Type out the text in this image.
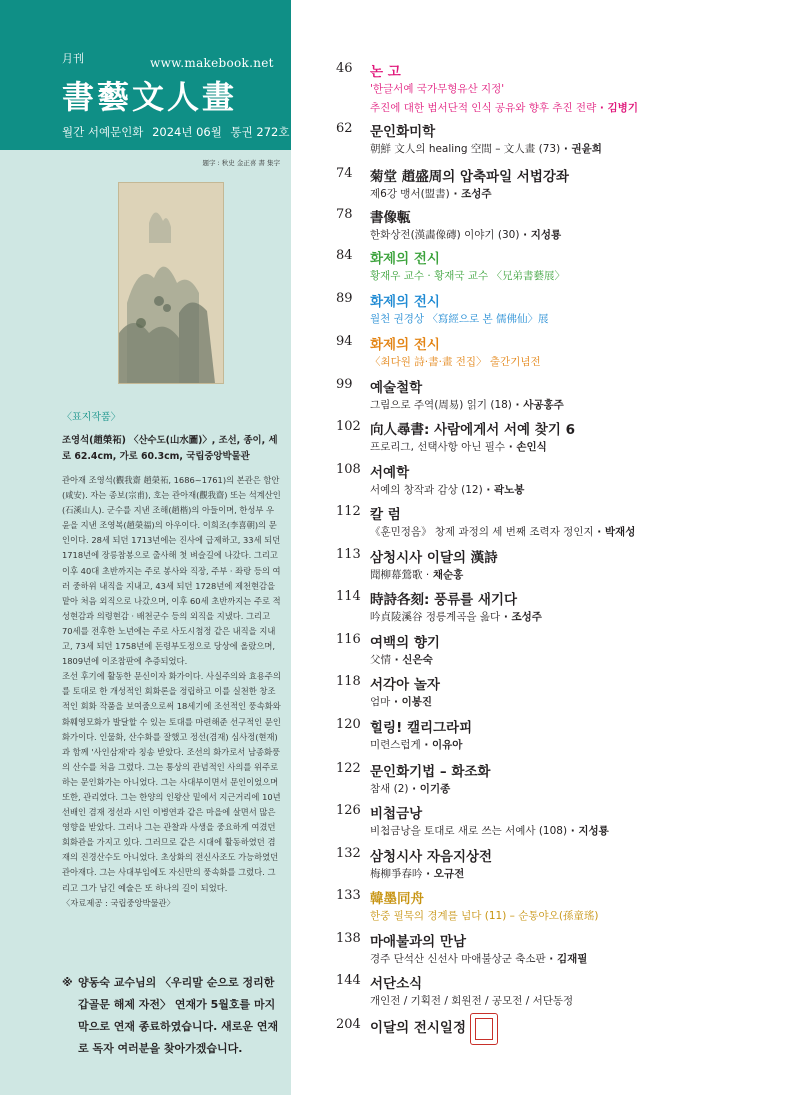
月刊	www.makebook.net
書藝文人畫
월간 서예문인화 2024년 06월 통권 272호
題字 : 秋史 金正喜 書 集字

〈표지작품〉

조영석(趙榮祏) 〈산수도(山水圖)〉, 조선, 종이, 세로 62.4cm, 가로 60.3cm, 국립중앙박물관

관아재 조영석(觀我齋 趙榮祏, 1686~1761)의 본관은 함안(咸安). 자는 종보(宗甫), 호는 관아재(觀我齋) 또는 석계산인(石溪山人). 군수를 지낸 조해(趙楷)의 아들이며, 한성부 우윤을 지낸 조영복(趙榮福)의 아우이다. 이희조(李喜朝)의 문인이다. 28세 되던 1713년에는 진사에 급제하고, 33세 되던 1718년에 장릉참봉으로 출사해 첫 벼슬길에 나갔다. 그리고 이후 40대 초반까지는 주로 봉사와 직장, 주부 · 좌랑 등의 여러 중하위 내직을 지내고, 43세 되던 1728년에 제천현감을 맡아 처음 외직으로 나갔으며, 이후 60세 초반까지는 주로 적성현감과 의령현감 · 배천군수 등의 외직을 지냈다. 그리고 70세를 전후한 노년에는 주로 사도시첨정 같은 내직을 지내고, 73세 되던 1758년에 돈령부도정으로 당상에 올랐으며, 1809년에 이조참판에 추증되었다.

조선 후기에 활동한 문신이자 화가이다. 사실주의와 효용주의를 토대로 한 개성적인 회화론을 정립하고 이를 실천한 창조적인 회화 작품을 보여줌으로써 18세기에 조선적인 풍속화와 화훼영모화가 발달할 수 있는 토대를 마련해준 선구적인 문인화가이다. 인물화, 산수화를 잘했고 정선(겸재) 심사정(현재)과 함께 '사인삼재'라 칭송 받았다. 조선의 화가로서 남종화풍의 산수를 처음 그렸다. 그는 통상의 관념적인 사의를 위주로 하는 문인화가는 아니었다. 그는 사대부이면서 문인이었으며 또한, 관리였다. 그는 한양의 인왕산 밑에서 지근거리에 10년 선배인 겸재 정선과 시인 이병연과 같은 마을에 살면서 많은 영향을 받았다. 그러나 그는 관찰과 사생을 중요하게 여겼던 회화관을 가지고 있다. 그러므로 같은 시대에 활동하였던 겸재의 진경산수도 아니었다. 초상화의 전신사조도 가능하였던 관아재다. 그는 사대부임에도 자신만의 풍속화를 그렸다. 그리고 그가 남긴 예술은 또 하나의 길이 되었다.

〈자료제공 : 국립중앙박물관〉

※ 양동숙 교수님의 〈우리말 순으로 정리한 갑골문 해제 자전〉 연재가 5월호를 마지막으로 연재 종료하였습니다. 새로운 연재로 독자 여러분을 찾아가겠습니다.
46	논 고
'한글서예 국가무형유산 지정'
추진에 대한 범서단적 인식 공유와 향후 추진 전략 · 김병기
62	문인화미학
朝鮮 文人의 healing 空間 – 文人畫 (73) · 권윤희
74	菊堂 趙盛周의 압축파일 서법강좌
제6강 맹서(盟書) · 조성주
78	書像甎
한화상전(漢畵像磚) 이야기 (30) · 지성룡
84	화제의 전시
황재우 교수 · 황재국 교수 〈兄弟書藝展〉
89	화제의 전시
월천 권경상 〈寫經으로 본 儒佛仙〉展
94	화제의 전시
〈최다원 詩·書·畫 전집〉 출간기념전
99	예술철학
그림으로 주역(周易) 읽기 (18) · 사공홍주
102 向人尋書: 사람에게서 서예 찾기 6
프로리그, 선택사항 아닌 필수 · 손인식
108 서예학
서예의 창작과 감상 (12) · 곽노봉
112 칼 럼
《훈민정음》 창제 과정의 세 번째 조력자 정인지 · 박재성
113 삼청시사 이달의 漢詩
聞柳幕鶯歌 · 채순홍
114 時詩各刻: 풍류를 새기다
吟貞陵溪谷 정릉계곡을 읊다 · 조성주
116 여백의 향기
父情 · 신은숙
118 서각아 놀자
엄마 · 이봉진
120 힐링! 캘리그라피
미련스럽게 · 이유아
122 문인화기법 – 화조화
참새 (2) · 이기종
126 비첩금낭
비첩금낭을 토대로 새로 쓰는 서예사 (108) · 지성룡
132 삼청시사 자음지상전
梅柳爭春吟 · 오규전
133 韓墨同舟
한중 필묵의 경계를 넘다 (11) – 순통야오(孫童瑤)
138 마애불과의 만남
경주 단석산 신선사 마애불상군 축소판 · 김재필
144 서단소식
개인전 / 기획전 / 회원전 / 공모전 / 서단동정
204 이달의 전시일정
